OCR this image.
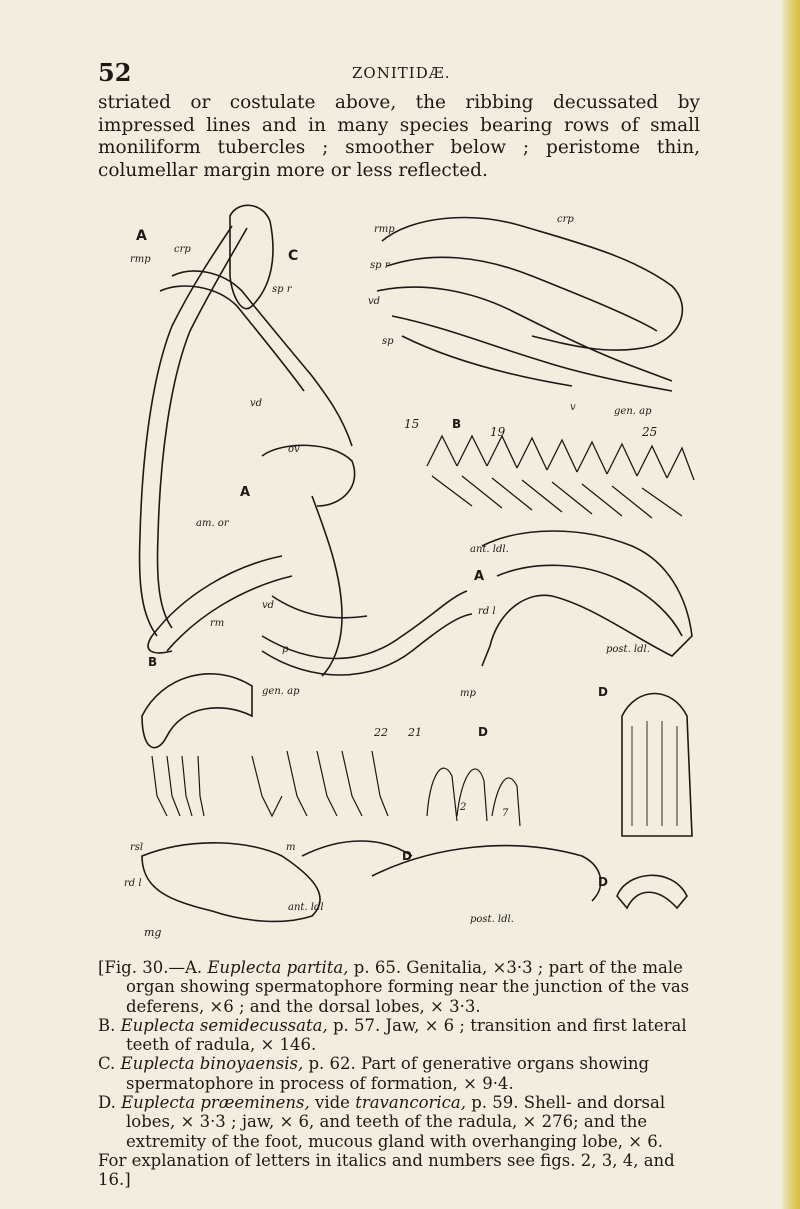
52	ZONITIDÆ.

striated or costulate above, the ribbing decussated by impressed lines and in many species bearing rows of small moniliform tubercles ; smoother below ; peristome thin, columellar margin more or less reflected.

A
rmp
crp	C
sp r
vd
rmp
crp
sp r
vd
sp
v	gen. ap
15	B
19	25
ov
A
am. or
rm
vd
p
B
gen. ap	mp
ant. ldl.
A
rd l
post. ldl.
22 21	D
D
2
7
rsl
rd l
m
D
ant. ldl
post. ldl.
D
mg

[Fig. 30.—A. Euplecta partita, p. 65. Genitalia, ×3·3 ; part of the male organ showing spermatophore forming near the junction of the vas deferens, ×6 ; and the dorsal lobes, × 3·3.

B. Euplecta semidecussata, p. 57. Jaw, × 6 ; transition and first lateral teeth of radula, × 146.

C. Euplecta binoyaensis, p. 62. Part of generative organs showing spermatophore in process of formation, × 9·4.

D. Euplecta præeminens, vide travancorica, p. 59. Shell- and dorsal lobes, × 3·3 ; jaw, × 6, and teeth of the radula, × 276; and the extremity of the foot, mucous gland with overhanging lobe, × 6.

For explanation of letters in italics and numbers see figs. 2, 3, 4, and 16.]
